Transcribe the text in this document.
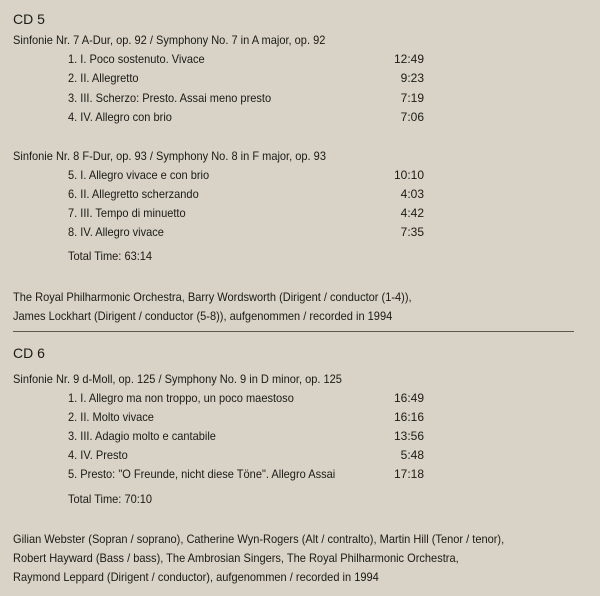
CD 5
Sinfonie Nr. 7 A-Dur, op. 92 / Symphony No. 7 in A major, op. 92
1. I. Poco sostenuto. Vivace	12:49
2. II. Allegretto	9:23
3. III. Scherzo: Presto. Assai meno presto	7:19
4. IV. Allegro con brio	7:06
Sinfonie Nr. 8 F-Dur, op. 93 / Symphony No. 8 in F major, op. 93
5. I. Allegro vivace e con brio	10:10
6. II. Allegretto scherzando	4:03
7. III. Tempo di minuetto	4:42
8. IV. Allegro vivace	7:35
Total Time: 63:14
The Royal Philharmonic Orchestra, Barry Wordsworth (Dirigent / conductor (1-4)),
James Lockhart (Dirigent / conductor (5-8)), aufgenommen / recorded in 1994
CD 6
Sinfonie Nr. 9 d-Moll, op. 125 / Symphony No. 9 in D minor, op. 125
1. I. Allegro ma non troppo, un poco maestoso	16:49
2. II. Molto vivace	16:16
3. III. Adagio molto e cantabile	13:56
4. IV. Presto	5:48
5. Presto: "O Freunde, nicht diese Töne". Allegro Assai	17:18
Total Time: 70:10
Gilian Webster (Sopran / soprano), Catherine Wyn-Rogers (Alt / contralto), Martin Hill (Tenor / tenor),
Robert Hayward (Bass / bass), The Ambrosian Singers, The Royal Philharmonic Orchestra,
Raymond Leppard (Dirigent / conductor), aufgenommen / recorded in 1994
